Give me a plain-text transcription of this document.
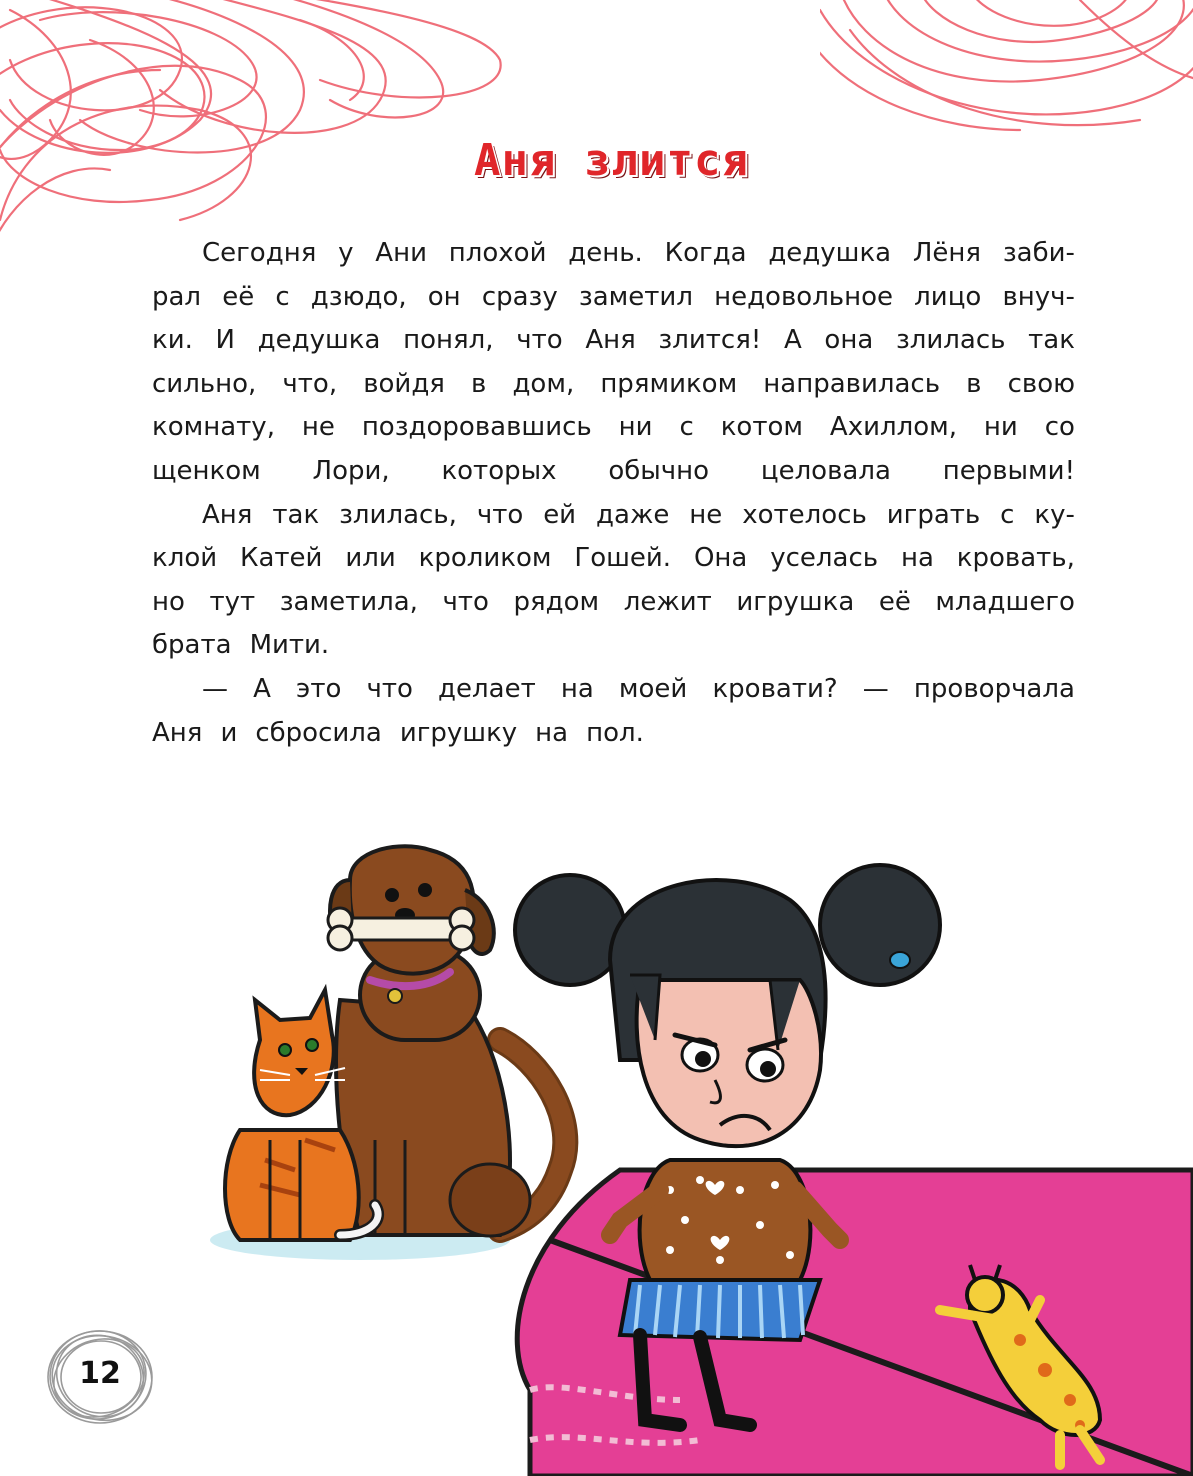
Аня злится
Сегодня у Ани плохой день. Когда дедушка Лёня заби-
рал её с дзюдо, он сразу заметил недовольное лицо внуч-
ки. И дедушка понял, что Аня злится! А она злилась так
сильно, что, войдя в дом, прямиком направилась в свою
комнату, не поздоровавшись ни с котом Ахиллом, ни со
щенком Лори, которых обычно целовала первыми!
Аня так злилась, что ей даже не хотелось играть с ку-
клой Катей или кроликом Гошей. Она уселась на кровать,
но тут заметила, что рядом лежит игрушка её младшего
брата Мити.
— А это что делает на моей кровати? — проворчала
Аня и сбросила игрушку на пол.
12
